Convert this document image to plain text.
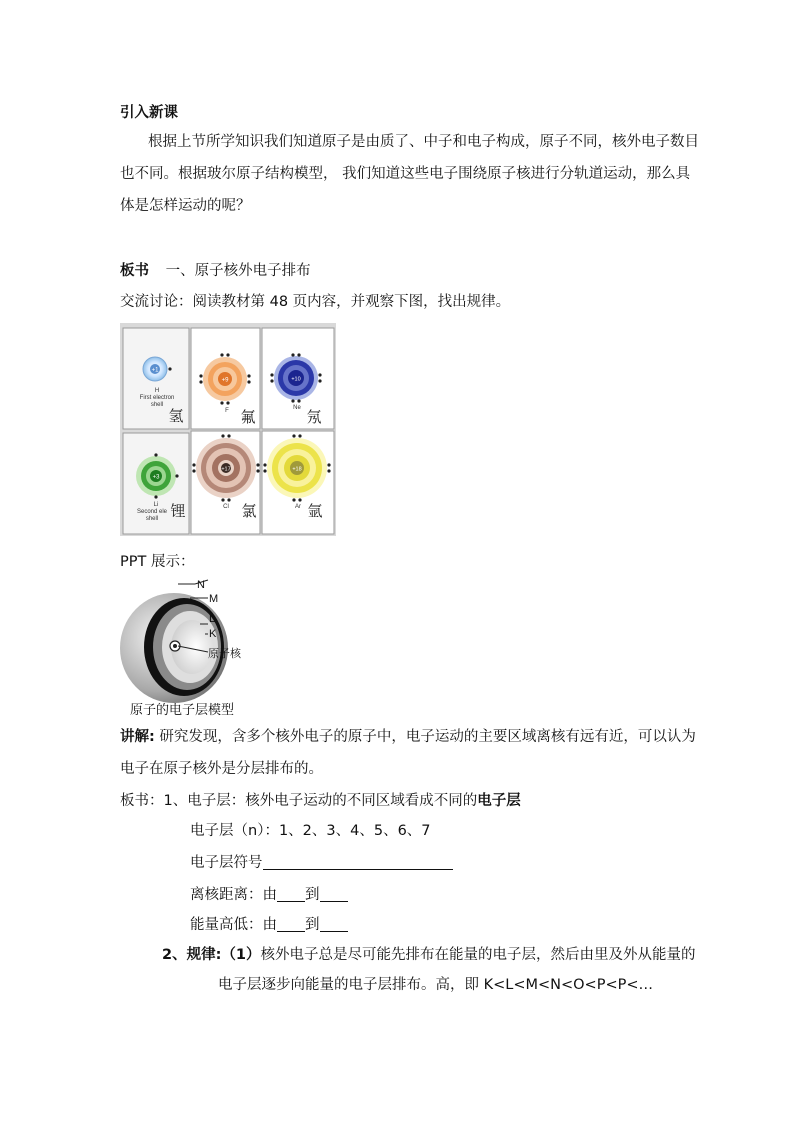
引入新课
根据上节所学知识我们知道原子是由质了、中子和电子构成，原子不同，核外电子数目
也不同。根据玻尔原子结构模型， 我们知道这些电子围绕原子核进行分轨道运动，那么具
体是怎样运动的呢？
板书 一、原子核外电子排布
交流讨论：阅读教材第 48 页内容，并观察下图，找出规律。
+1
H
First electron
shell
氢
+9
F 氟
+10
Ne 氖
+3
Li
Second ele
shell 锂
+17
Cl 氯
+18
Ar 氩
PPT 展示：
N
M
L
K
原子核
原子的电子层模型
讲解: 研究发现，含多个核外电子的原子中，电子运动的主要区域离核有远有近，可以认为
电子在原子核外是分层排布的。
板书：1、电子层：核外电子运动的不同区域看成不同的电子层
电子层（n）：1、2、3、4、5、6、7
电子层符号
离核距离：由 到
能量高低：由 到
2、规律:（1）核外电子总是尽可能先排布在能量的电子层，然后由里及外从能量的
电子层逐步向能量的电子层排布。高，即 K<L<M<N<O<P<P<…
